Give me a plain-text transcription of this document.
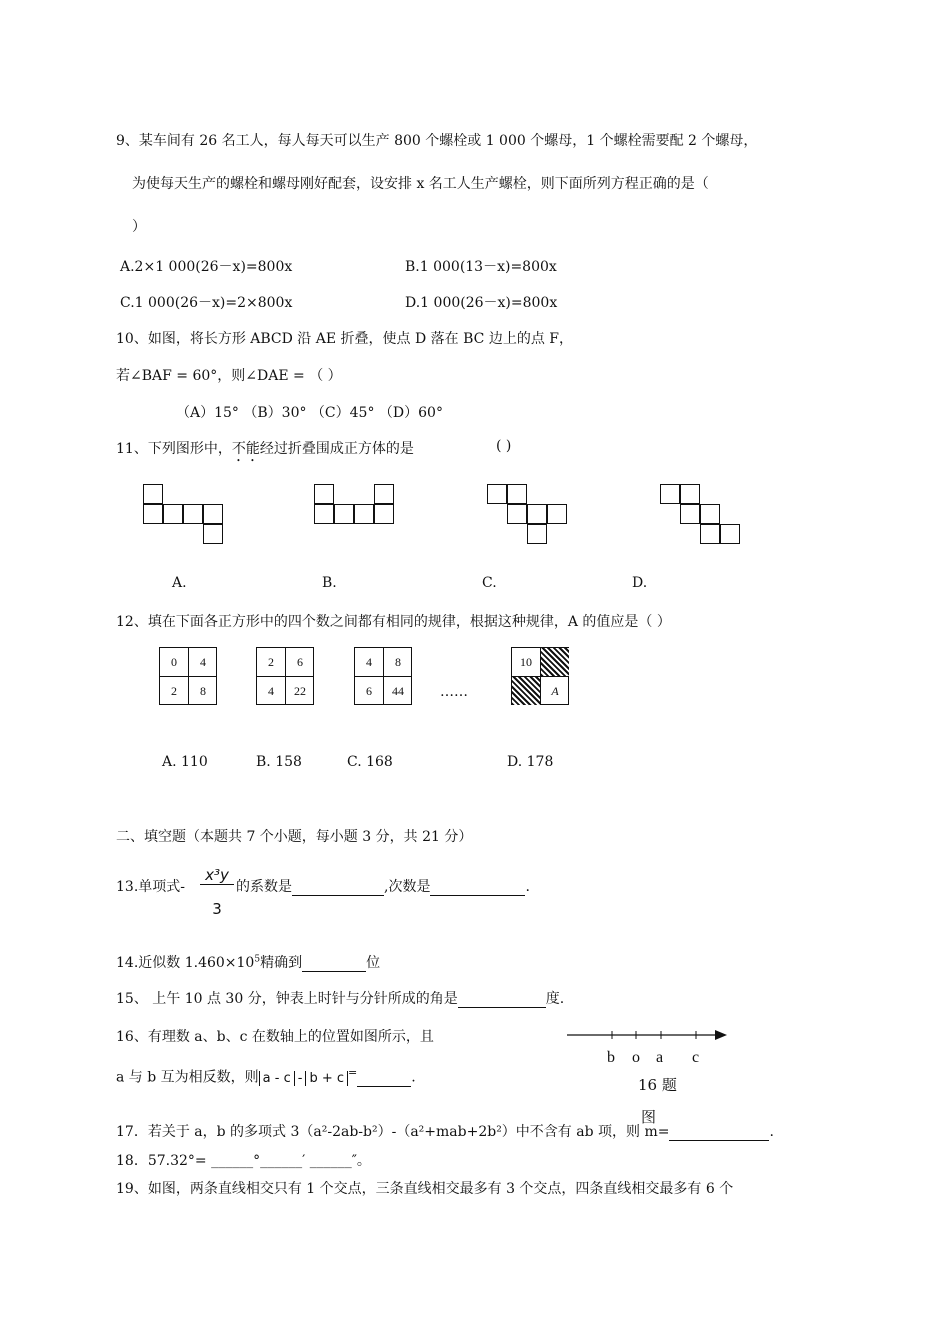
9、某车间有 26 名工人，每人每天可以生产 800 个螺栓或 1 000 个螺母，1 个螺栓需要配 2 个螺母，
为使每天生产的螺栓和螺母刚好配套，设安排 x 名工人生产螺栓，则下面所列方程正确的是（
）
A.2×1 000(26－x)=800x	B.1 000(13－x)=800x
C.1 000(26－x)=2×800x	D.1 000(26－x)=800x
10、如图，将长方形 ABCD 沿 AE 折叠，使点 D 落在 BC 边上的点 F，
若∠BAF = 60°，则∠DAE = （ ）
（A）15° （B）30° （C）45° （D）60°
11、下列图形中，不能经过折叠围成正方体的是	( )
A.	B.	C.	D.
12、填在下面各正方形中的四个数之间都有相同的规律，根据这种规律，A 的值应是（ ）
0	4
2	8
2	6
4	22
4	8
6	44	……
10
A
A. 110	B. 158	C. 168	D. 178
二、填空题（本题共 7 个小题，每小题 3 分，共 21 分）
13.单项式-
x³y
3
的系数是	,次数是	.
14.近似数 $1.460\times 10^5$精确到	位
15、 上午 10 点 30 分，钟表上时针与分针所成的角是	度.
16、有理数 a、b、c 在数轴上的位置如图所示，且
a 与 b 互为相反数，则 a - c - b + c =	.
b o a c
16 题
图
17．若关于 a，b 的多项式 3（a²-2ab-b²）-（a²+mab+2b²）中不含有 ab 项，则 m=	.
18．57.32°= ______°______′ ______″。
19、如图，两条直线相交只有 1 个交点，三条直线相交最多有 3 个交点，四条直线相交最多有 6 个
